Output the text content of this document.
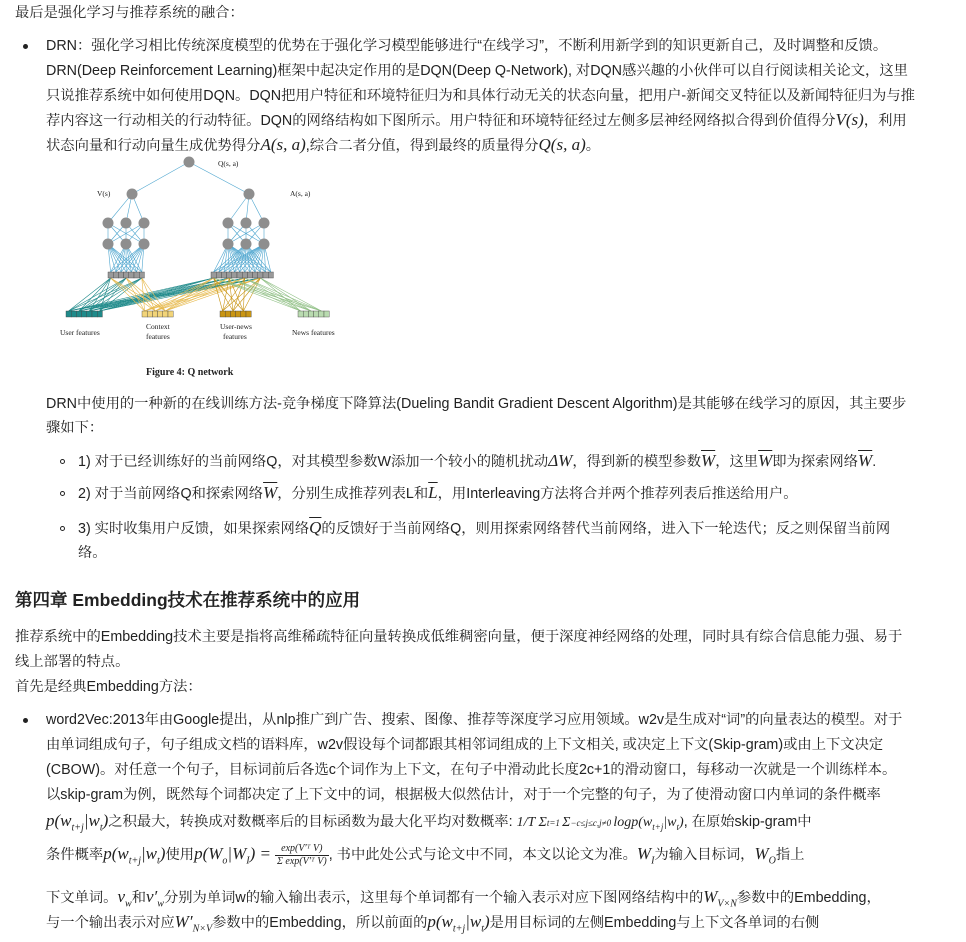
最后是强化学习与推荐系统的融合：

DRN：强化学习相比传统深度模型的优势在于强化学习模型能够进行“在线学习”，不断利用新学到的知识更新自己，及时调整和反馈。
DRN(Deep Reinforcement Learning)框架中起决定作用的是DQN(Deep Q-Network), 对DQN感兴趣的小伙伴可以自行阅读相关论文，这里
只说推荐系统中如何使用DQN。DQN把用户特征和环境特征归为和具体行动无关的状态向量，把用户-新闻交叉特征以及新闻特征归为与推
荐内容这一行动相关的行动特征。DQN的网络结构如下图所示。用户特征和环境特征经过左侧多层神经网络拟合得到价值得分V(s)，利用
状态向量和行动向量生成优势得分A(s, a),综合二者分值，得到最终的质量得分Q(s, a)。
Q(s, a)
V(s)	A(s, a)
User features
Context
features
User-news
features	News features
Figure 4: Q network
DRN中使用的一种新的在线训练方法-竞争梯度下降算法(Dueling Bandit Gradient Descent Algorithm)是其能够在线学习的原因，其主要步
骤如下：
1) 对于已经训练好的当前网络Q，对其模型参数W添加一个较小的随机扰动ΔW，得到新的模型参数$\overline{W}$，这里$\overline{W}$即为探索网络$\overline{W}$.
2) 对于当前网络Q和探索网络$\overline{W}$，分别生成推荐列表L和$\overline{L}$，用Interleaving方法将合并两个推荐列表后推送给用户。
3) 实时收集用户反馈，如果探索网络$\overline{Q}$的反馈好于当前网络Q，则用探索网络替代当前网络，进入下一轮迭代；反之则保留当前网
络。
第四章 Embedding技术在推荐系统中的应用

推荐系统中的Embedding技术主要是指将高维稀疏特征向量转换成低维稠密向量，便于深度神经网络的处理，同时具有综合信息能力强、易于

线上部署的特点。

首先是经典Embedding方法：

word2Vec:2013年由Google提出，从nlp推广到广告、搜索、图像、推荐等深度学习应用领域。w2v是生成对“词”的向量表达的模型。对于
由单词组成句子，句子组成文档的语料库，w2v假设每个词都跟其相邻词组成的上下文相关, 或决定上下文(Skip-gram)或由上下文决定
(CBOW)。对任意一个句子，目标词前后各选c个词作为上下文，在句子中滑动此长度2c+1的滑动窗口，每移动一次就是一个训练样本。
以skip-gram为例，既然每个词都决定了上下文中的词，根据极大似然估计，对于一个完整的句子，为了使滑动窗口内单词的条件概率
$p(w_{t+j}|w_t)$之积最大，转换成对数概率后的目标函数为最大化平均对数概率: 1/T Σt=1 Σ−c≤j≤c,j≠0 $\log p(w_{t+j}|w_t)$, 在原始skip-gram中
条件概率$p(w_{t+j}|w_t)$使用$p(W_o|W_I) = \frac{\text{exp(V′ᵀ V)}}{\text{Σ exp(V′ᵀ V)}}$ , 书中此处公式与论文中不同，本文以论文为准。$W_I$为输入目标词，$W_O$指上
下文单词。$v_w$和$v'_w$分别为单词w的输入输出表示，这里每个单词都有一个输入表示对应下图网络结构中的$W_{V\times N}$参数中的Embedding，
与一个输出表示对应$W'_{N\times V}$参数中的Embedding，所以前面的$p(w_{t+j}|w_t)$是用目标词的左侧Embedding与上下文各单词的右侧
